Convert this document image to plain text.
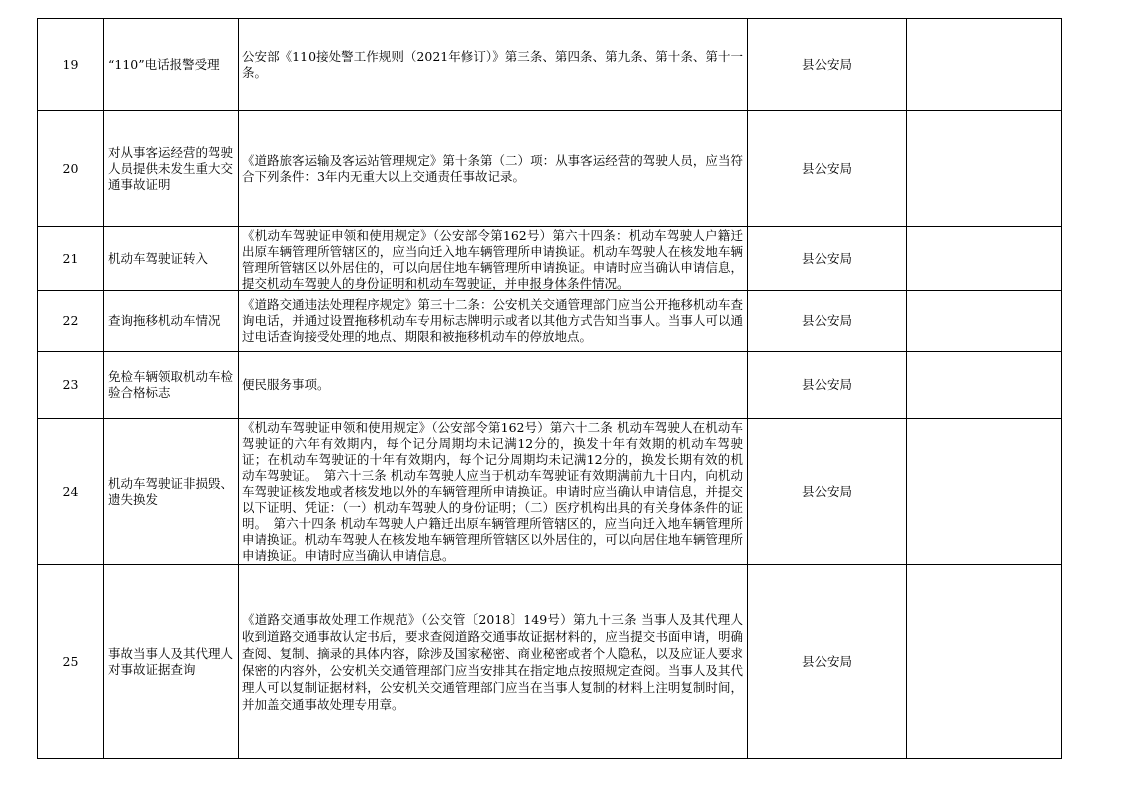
19	“110”电话报警受理	公安部《110接处警工作规则（2021年修订）》第三条、第四条、第九条、第十条、第十一条。	县公安局	
20	对从事客运经营的驾驶人员提供未发生重大交通事故证明	《道路旅客运输及客运站管理规定》第十条第（二）项：从事客运经营的驾驶人员，应当符合下列条件：3年内无重大以上交通责任事故记录。	县公安局	
21	机动车驾驶证转入	《机动车驾驶证申领和使用规定》（公安部令第162号）第六十四条：机动车驾驶人户籍迁出原车辆管理所管辖区的，应当向迁入地车辆管理所申请换证。机动车驾驶人在核发地车辆管理所管辖区以外居住的，可以向居住地车辆管理所申请换证。申请时应当确认申请信息，提交机动车驾驶人的身份证明和机动车驾驶证，并申报身体条件情况。	县公安局	
22	查询拖移机动车情况	《道路交通违法处理程序规定》第三十二条：公安机关交通管理部门应当公开拖移机动车查询电话，并通过设置拖移机动车专用标志牌明示或者以其他方式告知当事人。当事人可以通过电话查询接受处理的地点、期限和被拖移机动车的停放地点。	县公安局	
23	免检车辆领取机动车检验合格标志	便民服务事项。	县公安局	
24	机动车驾驶证非损毁、遗失换发	《机动车驾驶证申领和使用规定》（公安部令第162号）第六十二条 机动车驾驶人在机动车驾驶证的六年有效期内，每个记分周期均未记满12分的，换发十年有效期的机动车驾驶证；在机动车驾驶证的十年有效期内，每个记分周期均未记满12分的，换发长期有效的机动车驾驶证。　第六十三条 机动车驾驶人应当于机动车驾驶证有效期满前九十日内，向机动车驾驶证核发地或者核发地以外的车辆管理所申请换证。申请时应当确认申请信息，并提交以下证明、凭证：（一）机动车驾驶人的身份证明；（二）医疗机构出具的有关身体条件的证明。　第六十四条 机动车驾驶人户籍迁出原车辆管理所管辖区的，应当向迁入地车辆管理所申请换证。机动车驾驶人在核发地车辆管理所管辖区以外居住的，可以向居住地车辆管理所申请换证。申请时应当确认申请信息。	县公安局	
25	事故当事人及其代理人对事故证据查询	《道路交通事故处理工作规范》（公交管〔2018〕149号）第九十三条 当事人及其代理人收到道路交通事故认定书后，要求查阅道路交通事故证据材料的，应当提交书面申请，明确查阅、复制、摘录的具体内容，除涉及国家秘密、商业秘密或者个人隐私，以及应证人要求保密的内容外，公安机关交通管理部门应当安排其在指定地点按照规定查阅。当事人及其代理人可以复制证据材料，公安机关交通管理部门应当在当事人复制的材料上注明复制时间，并加盖交通事故处理专用章。	县公安局	
